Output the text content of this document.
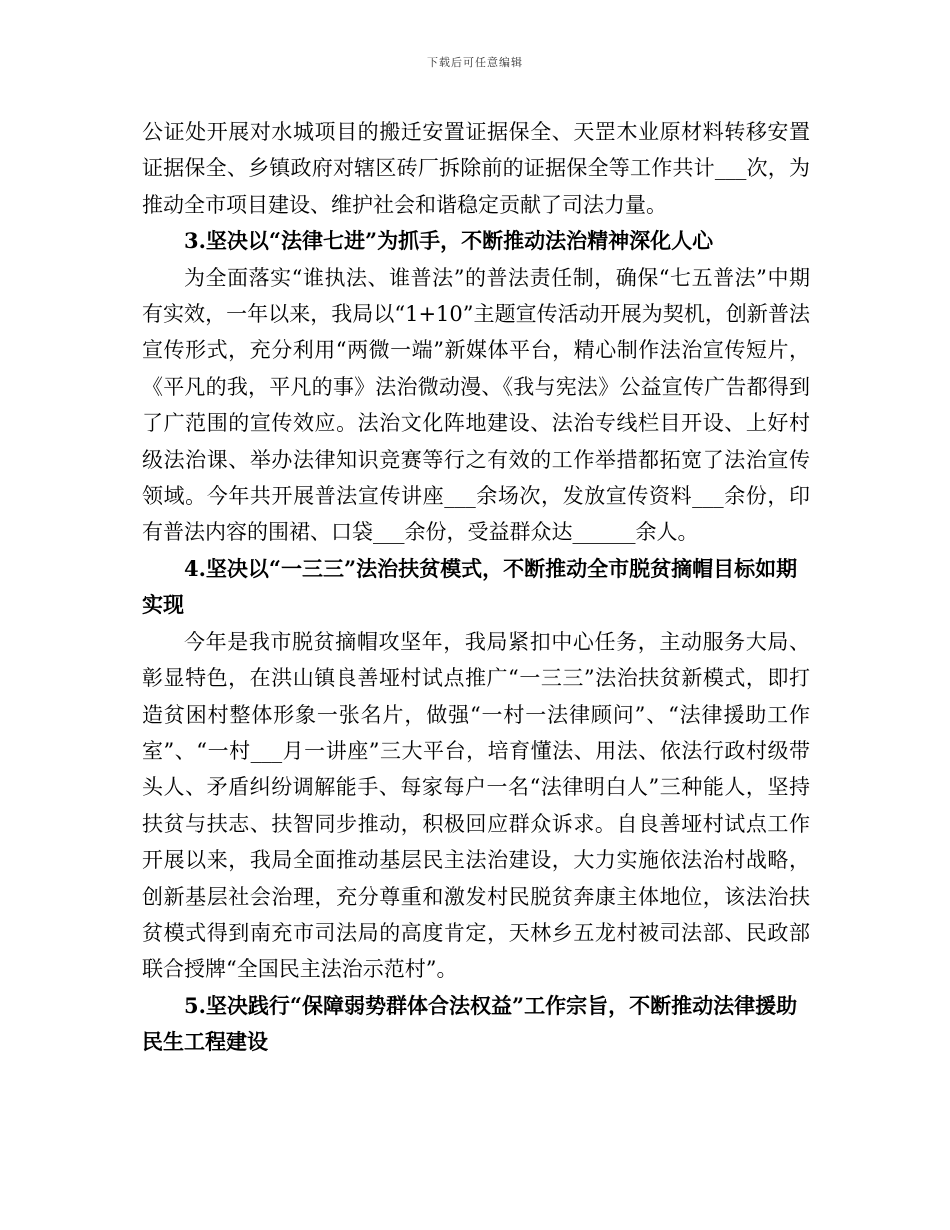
下载后可任意编辑

公证处开展对水城项目的搬迁安置证据保全、天罡木业原材料转移安置证据保全、乡镇政府对辖区砖厂拆除前的证据保全等工作共计___次，为推动全市项目建设、维护社会和谐稳定贡献了司法力量。

3.坚决以“法律七进”为抓手，不断推动法治精神深化人心

为全面落实“谁执法、谁普法”的普法责任制，确保“七五普法”中期有实效，一年以来，我局以“1+10”主题宣传活动开展为契机，创新普法宣传形式，充分利用“两微一端”新媒体平台，精心制作法治宣传短片，《平凡的我，平凡的事》法治微动漫、《我与宪法》公益宣传广告都得到了广范围的宣传效应。法治文化阵地建设、法治专线栏目开设、上好村级法治课、举办法律知识竞赛等行之有效的工作举措都拓宽了法治宣传领域。今年共开展普法宣传讲座___余场次，发放宣传资料___余份，印有普法内容的围裙、口袋___余份，受益群众达______余人。

4.坚决以“一三三”法治扶贫模式，不断推动全市脱贫摘帽目标如期实现

今年是我市脱贫摘帽攻坚年，我局紧扣中心任务，主动服务大局、彰显特色，在洪山镇良善垭村试点推广“一三三”法治扶贫新模式，即打造贫困村整体形象一张名片，做强“一村一法律顾问”、“法律援助工作室”、“一村___月一讲座”三大平台，培育懂法、用法、依法行政村级带头人、矛盾纠纷调解能手、每家每户一名“法律明白人”三种能人，坚持扶贫与扶志、扶智同步推动，积极回应群众诉求。自良善垭村试点工作开展以来，我局全面推动基层民主法治建设，大力实施依法治村战略，创新基层社会治理，充分尊重和激发村民脱贫奔康主体地位，该法治扶贫模式得到南充市司法局的高度肯定，天林乡五龙村被司法部、民政部联合授牌“全国民主法治示范村”。

5.坚决践行“保障弱势群体合法权益”工作宗旨，不断推动法律援助民生工程建设
